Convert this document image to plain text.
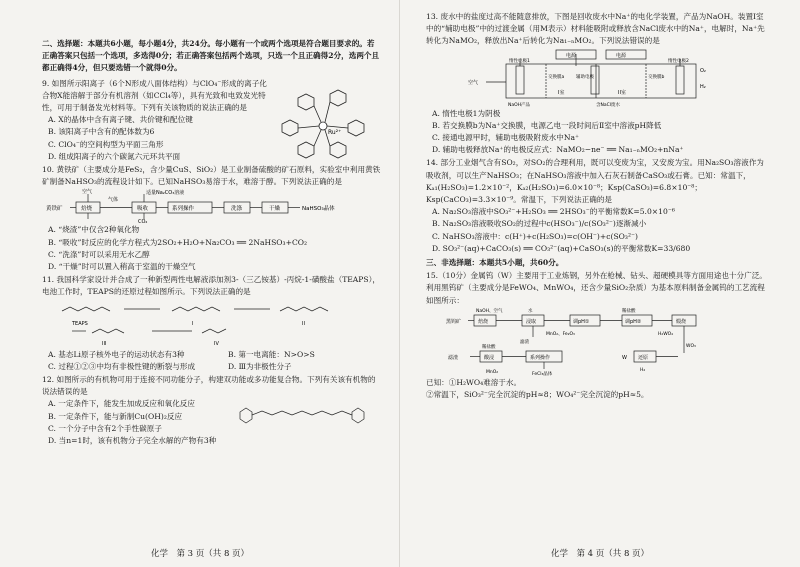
二、选择题：本题共6小题，每小题4分，共24分。每小题有一个或两个选项是符合题目要求的。若正确答案只包括一个选项，多选得0分；若正确答案包括两个选项，只选一个且正确得2分，选两个且都正确得4分，但只要选错一个就得0分。

Ru²⁺

9. 如图所示阳离子（6个N形成八面体结构）与ClO₄⁻形成的离子化合物X能溶解于部分有机溶剂（如CCl₄等），具有光致和电致发光特性，可用于制备发光材料等。下列有关该物质的说法正确的是

A. X的晶体中含有离子键、共价键和配位键

B. 该阳离子中含有的配体数为6

C. ClO₄⁻的空间构型为平面三角形

D. 组成阳离子的六个碳氮六元环共平面

10. 黄铁矿（主要成分是FeS₂，含少量CuS、SiO₂）是工业制备硫酸的矿石原料，实验室中利用黄铁矿制备NaHSO₃的流程设计如下。已知NaHSO₃易溶于水，难溶于醇。下列说法正确的是

黄铁矿	焙烧	吸收	系列操作	洗涤	干燥	NaHSO₃晶体
空气
气体
适量Na₂CO₃溶液
CO₂

A. “烧渣”中仅含2种氧化物

B. “吸收”时反应的化学方程式为2SO₂+H₂O+Na₂CO₃ ══ 2NaHSO₃+CO₂

C. “洗涤”时可以采用无水乙醇

D. “干燥”时可以置入稍高于室温的干燥空气

11. 我国科学家设计并合成了一种新型两性电解液添加剂3-（三乙铵基）-丙烷-1-磺酸盐（TEAPS），电池工作时，TEAPS的还原过程如图所示。下列说法正确的是

TEAPS	I	II
III	IV

A. 基态Li原子核外电子的运动状态有3种	B. 第一电离能：N>O>S

C. 过程①②③中均有非极性键的断裂与形成	D. Ⅲ为非极性分子

12. 如图所示的有机物可用于连接不同功能分子，构建双功能或多功能复合物。下列有关该有机物的说法错误的是

A. 一定条件下，能发生加成反应和氧化反应

B. 一定条件下，能与新制Cu(OH)₂反应

C. 一个分子中含有2个手性碳原子

D. 当n=1时，该有机物分子完全水解的产物有3种

化学　第 3 页（共 8 页）

13. 废水中的盐度过高不能随意排放，下图是回收废水中Na⁺的电化学装置，产品为NaOH。装置I室中的“辅助电极”中的过渡金属（用M表示）材料能吸附或释放含NaCl废水中的Na⁺，电解时，Na⁺先转化为NaMO₂，释放出Na⁺后转化为Na₁₋ₙMO₂。下列说法错误的是

电源	电源
惰性电极1
交换膜a	辅助电极	交换膜b
惰性电极2
I室	II室
NaOH产品	含NaCl废水
O₂
H₂
空气

A. 惰性电极1为阴极

B. 若交换膜b为Na⁺交换膜，电源乙电一段时间后Ⅱ室中溶液pH降低

C. 接通电源甲时，辅助电极吸附废水中Na⁺

D. 辅助电极释放Na⁺的电极反应式：NaMO₂−ne⁻ ══ Na₁₋ₙMO₂+nNa⁺

14. 部分工业烟气含有SO₂，对SO₂的合理利用，既可以变废为宝，又安废为宝。用Na₂SO₃溶液作为吸收剂，可以生产NaHSO₃；在NaHSO₃溶液中加入石灰石制备CaSO₃或石膏。已知：常温下，Kₐ₁(H₂SO₃)=1.2×10⁻²，Kₐ₂(H₂SO₃)=6.0×10⁻⁸；Ksp(CaSO₃)=6.8×10⁻⁸；Ksp(CaCO₃)=3.3×10⁻⁹。常温下，下列说法正确的是

A. Na₂SO₃溶液中SO₃²⁻+H₂SO₃ ══ 2HSO₃⁻的平衡常数K=5.0×10⁻⁶

B. Na₂SO₃溶液吸收SO₂的过程中c(HSO₃⁻)/c(SO₃²⁻)逐渐减小

C. NaHSO₃溶液中：c(H⁺)+c(H₂SO₃)=c(OH⁻)+c(SO₃²⁻)

D. SO₃²⁻(aq)+CaCO₃(s) ══ CO₃²⁻(aq)+CaSO₃(s)的平衡常数K=33/680

三、非选择题：本题共5小题，共60分。

15.（10分）金属钨（W）主要用于工业炼钢，另外在枪械、钻头、超硬模具等方面用途也十分广泛。利用黑钨矿（主要成分是FeWO₄、MnWO₄，还含少量SiO₂杂质）为基本原料制备金属钨的工艺流程如图所示：

黑钨矿	焙烧	浸取	调pH①	调pH②	煅烧
NaOH、空气	水	稀盐酸
MnO₂、Fe₂O₃
滤渣
H₂WO₄
滤渣	酸浸	系列操作
FeCl₃晶体
还原
W
稀盐酸
MnO₂
WO₃
H₂

已知：①H₂WO₄难溶于水。

②常温下，SiO₃²⁻完全沉淀的pH≈8；WO₄²⁻完全沉淀的pH≈5。

化学　第 4 页（共 8 页）
